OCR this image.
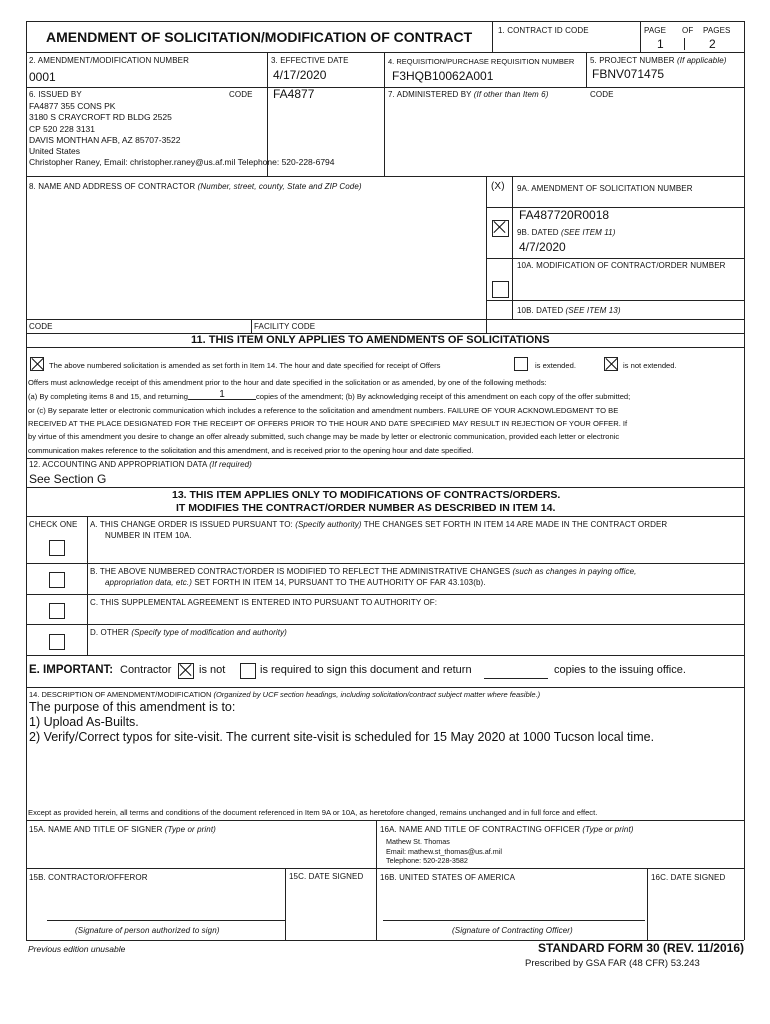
AMENDMENT OF SOLICITATION/MODIFICATION OF CONTRACT	1. CONTRACT ID CODE	PAGE OF PAGES
1	2
2. AMENDMENT/MODIFICATION NUMBER
0001
3. EFFECTIVE DATE
4/17/2020
4. REQUISITION/PURCHASE REQUISITION NUMBER
F3HQB10062A001
5. PROJECT NUMBER (If applicable)
FBNV071475
6. ISSUED BY	CODE FA4877
FA4877 355 CONS PK
3180 S CRAYCROFT RD BLDG 2525
CP 520 228 3131
DAVIS MONTHAN AFB, AZ 85707-3522
United States
Christopher Raney, Email: christopher.raney@us.af.mil Telephone: 520-228-6794
7. ADMINISTERED BY (If other than Item 6)	CODE
8. NAME AND ADDRESS OF CONTRACTOR (Number, street, county, State and ZIP Code)	(X) 9A. AMENDMENT OF SOLICITATION NUMBER
FA487720R0018
9B. DATED (SEE ITEM 11)
4/7/2020
10A. MODIFICATION OF CONTRACT/ORDER NUMBER
10B. DATED (SEE ITEM 13)
CODE	FACILITY CODE
11. THIS ITEM ONLY APPLIES TO AMENDMENTS OF SOLICITATIONS
The above numbered solicitation is amended as set forth in Item 14. The hour and date specified for receipt of Offers	is extended.	is not extended.
Offers must acknowledge receipt of this amendment prior to the hour and date specified in the solicitation or as amended, by one of the following methods:
(a) By completing items 8 and 15, and returning	1	copies of the amendment; (b) By acknowledging receipt of this amendment on each copy of the offer submitted;
or (c) By separate letter or electronic communication which includes a reference to the solicitation and amendment numbers. FAILURE OF YOUR ACKNOWLEDGMENT TO BE
RECEIVED AT THE PLACE DESIGNATED FOR THE RECEIPT OF OFFERS PRIOR TO THE HOUR AND DATE SPECIFIED MAY RESULT IN REJECTION OF YOUR OFFER. If
by virtue of this amendment you desire to change an offer already submitted, such change may be made by letter or electronic communication, provided each letter or electronic
communication makes reference to the solicitation and this amendment, and is received prior to the opening hour and date specified.
12. ACCOUNTING AND APPROPRIATION DATA (If required)
See Section G
13. THIS ITEM APPLIES ONLY TO MODIFICATIONS OF CONTRACTS/ORDERS.
IT MODIFIES THE CONTRACT/ORDER NUMBER AS DESCRIBED IN ITEM 14.
CHECK ONE A. THIS CHANGE ORDER IS ISSUED PURSUANT TO: (Specify authority) THE CHANGES SET FORTH IN ITEM 14 ARE MADE IN THE CONTRACT ORDER
NUMBER IN ITEM 10A.
B. THE ABOVE NUMBERED CONTRACT/ORDER IS MODIFIED TO REFLECT THE ADMINISTRATIVE CHANGES (such as changes in paying office,
appropriation data, etc.) SET FORTH IN ITEM 14, PURSUANT TO THE AUTHORITY OF FAR 43.103(b).
C. THIS SUPPLEMENTAL AGREEMENT IS ENTERED INTO PURSUANT TO AUTHORITY OF:
D. OTHER (Specify type of modification and authority)
E. IMPORTANT: Contractor	is not	is required to sign this document and return	copies to the issuing office.
14. DESCRIPTION OF AMENDMENT/MODIFICATION (Organized by UCF section headings, including solicitation/contract subject matter where feasible.)
The purpose of this amendment is to:
1) Upload As-Builts.
2) Verify/Correct typos for site-visit. The current site-visit is scheduled for 15 May 2020 at 1000 Tucson local time.
Except as provided herein, all terms and conditions of the document referenced in Item 9A or 10A, as heretofore changed, remains unchanged and in full force and effect.
15A. NAME AND TITLE OF SIGNER (Type or print)	16A. NAME AND TITLE OF CONTRACTING OFFICER (Type or print)
Mathew St. Thomas
Email: mathew.st_thomas@us.af.mil
Telephone: 520-228-3582
15B. CONTRACTOR/OFFEROR	15C. DATE SIGNED 16B. UNITED STATES OF AMERICA	16C. DATE SIGNED
(Signature of person authorized to sign)	(Signature of Contracting Officer)
Previous edition unusable	STANDARD FORM 30 (REV. 11/2016)
Prescribed by GSA FAR (48 CFR) 53.243
